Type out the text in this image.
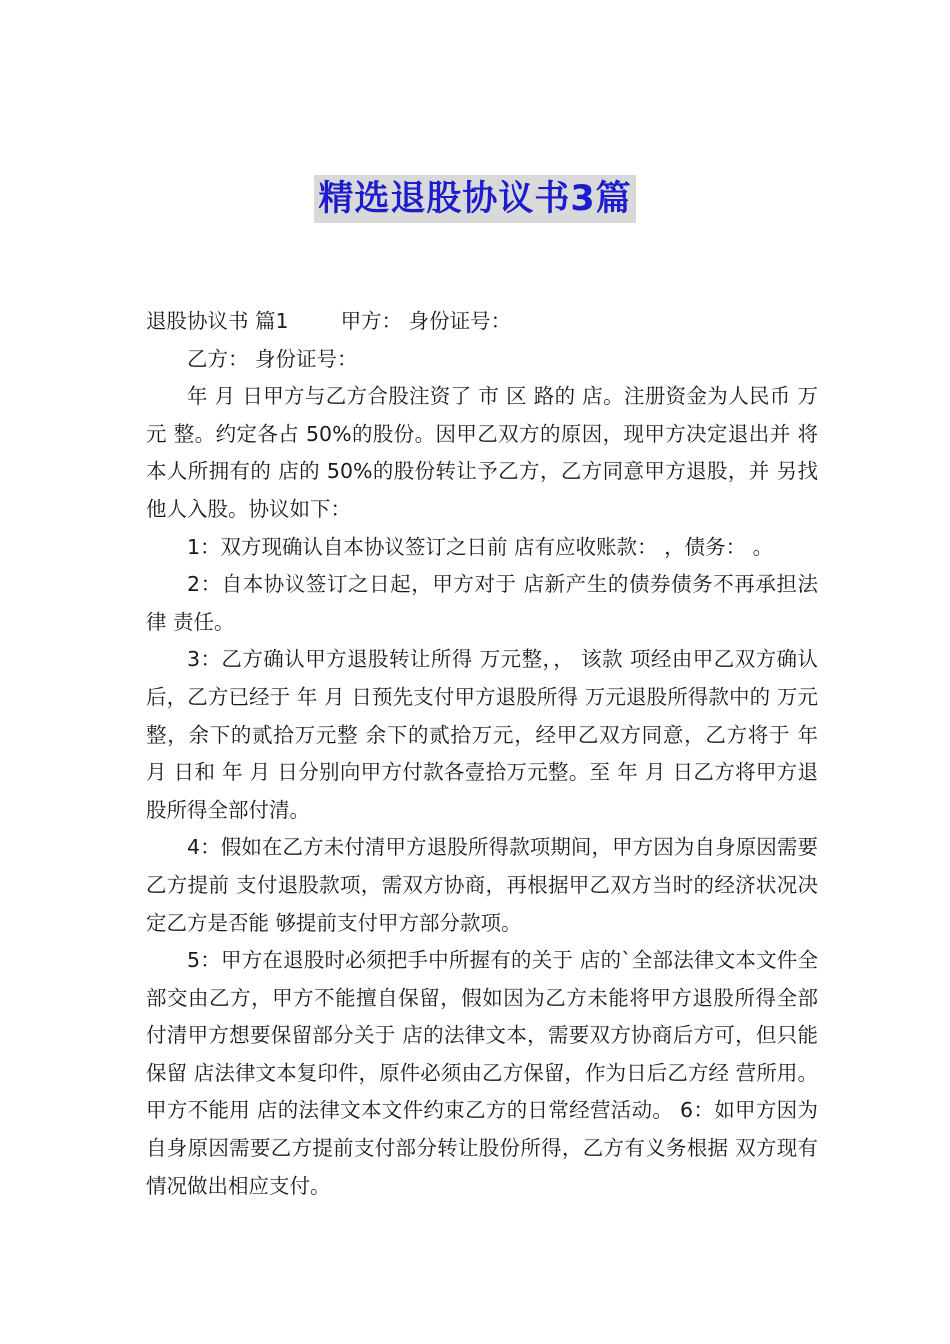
精选退股协议书3篇

退股协议书 篇1	甲方： 身份证号：

乙方： 身份证号：

年 月 日甲方与乙方合股注资了 市 区 路的 店。注册资金为人民币 万元 整。约定各占 50%的股份。因甲乙双方的原因，现甲方决定退出并 将本人所拥有的 店的 50%的股份转让予乙方，乙方同意甲方退股，并 另找他人入股。协议如下：

1：双方现确认自本协议签订之日前 店有应收账款： ，债务： 。

2：自本协议签订之日起，甲方对于 店新产生的债券债务不再承担法律 责任。

3：乙方确认甲方退股转让所得 万元整，， 该款 项经由甲乙双方确认后，乙方已经于 年 月 日预先支付甲方退股所得 万元退股所得款中的 万元整，余下的贰拾万元整 余下的贰拾万元，经甲乙双方同意，乙方将于 年 月 日和 年 月 日分别向甲方付款各壹拾万元整。至 年 月 日乙方将甲方退股所得全部付清。

4：假如在乙方未付清甲方退股所得款项期间，甲方因为自身原因需要乙方提前 支付退股款项，需双方协商，再根据甲乙双方当时的经济状况决定乙方是否能 够提前支付甲方部分款项。

5：甲方在退股时必须把手中所握有的关于 店的`全部法律文本文件全 部交由乙方，甲方不能擅自保留，假如因为乙方未能将甲方退股所得全部付清甲方想要保留部分关于 店的法律文本，需要双方协商后方可，但只能保留 店法律文本复印件，原件必须由乙方保留，作为日后乙方经 营所用。甲方不能用 店的法律文本文件约束乙方的日常经营活动。 6：如甲方因为自身原因需要乙方提前支付部分转让股份所得，乙方有义务根据 双方现有情况做出相应支付。
